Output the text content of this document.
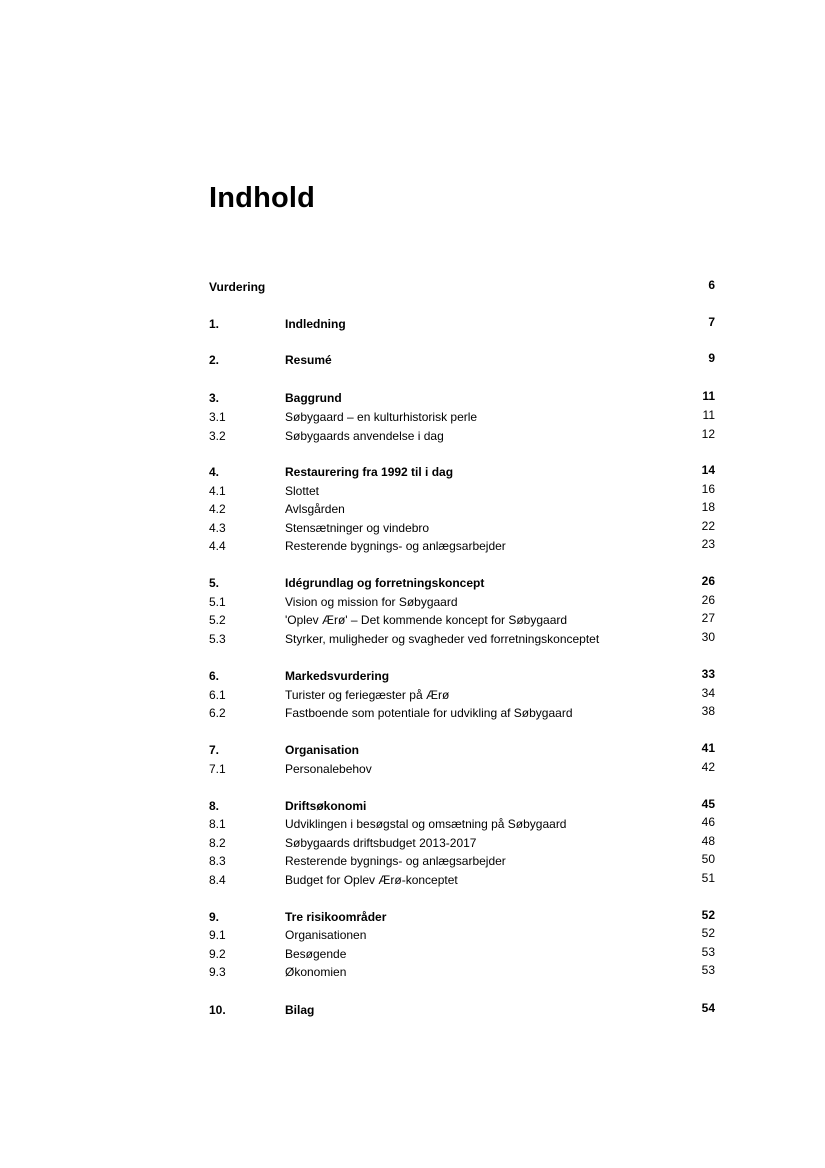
Indhold
Vurdering	6
1.	Indledning	7
2.	Resumé	9
3.	Baggrund	11
3.1	Søbygaard – en kulturhistorisk perle	11
3.2	Søbygaards anvendelse i dag	12
4.	Restaurering fra 1992 til i dag	14
4.1	Slottet	16
4.2	Avlsgården	18
4.3	Stensætninger og vindebro	22
4.4	Resterende bygnings- og anlægsarbejder	23
5.	Idégrundlag og forretningskoncept	26
5.1	Vision og mission for Søbygaard	26
5.2	'Oplev Ærø' – Det kommende koncept for Søbygaard	27
5.3	Styrker, muligheder og svagheder ved forretningskonceptet	30
6.	Markedsvurdering	33
6.1	Turister og feriegæster på Ærø	34
6.2	Fastboende som potentiale for udvikling af Søbygaard	38
7.	Organisation	41
7.1	Personalebehov	42
8.	Driftsøkonomi	45
8.1	Udviklingen i besøgstal og omsætning på Søbygaard	46
8.2	Søbygaards driftsbudget 2013-2017	48
8.3	Resterende bygnings- og anlægsarbejder	50
8.4	Budget for Oplev Ærø-konceptet	51
9.	Tre risikoområder	52
9.1	Organisationen	52
9.2	Besøgende	53
9.3	Økonomien	53
10.	Bilag	54
